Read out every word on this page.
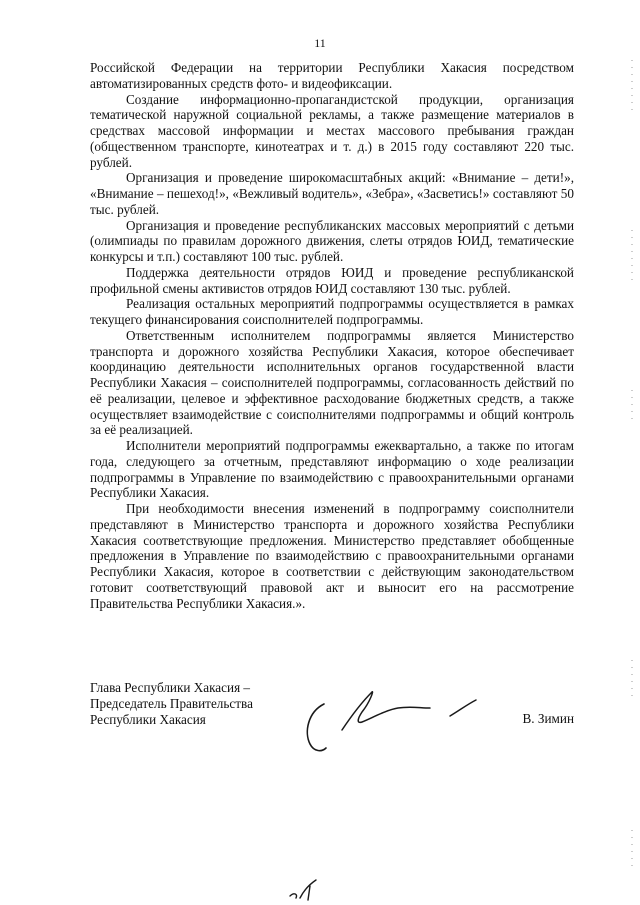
11

Российской Федерации на территории Республики Хакасия посредством автоматизированных средств фото- и видеофиксации.

Создание информационно-пропагандистской продукции, организация тематической наружной социальной рекламы, а также размещение материалов в средствах массовой информации и местах массового пребывания граждан (общественном транспорте, кинотеатрах и т. д.) в 2015 году составляют 220 тыс. рублей.

Организация и проведение широкомасштабных акций: «Внимание – дети!», «Внимание – пешеход!», «Вежливый водитель», «Зебра», «Засветись!» составляют 50 тыс. рублей.

Организация и проведение республиканских массовых мероприятий с детьми (олимпиады по правилам дорожного движения, слеты отрядов ЮИД, тематические конкурсы и т.п.) составляют 100 тыс. рублей.

Поддержка деятельности отрядов ЮИД и проведение республиканской профильной смены активистов отрядов ЮИД составляют 130 тыс. рублей.

Реализация остальных мероприятий подпрограммы осуществляется в рамках текущего финансирования соисполнителей подпрограммы.

Ответственным исполнителем подпрограммы является Министерство транспорта и дорожного хозяйства Республики Хакасия, которое обеспечивает координацию деятельности исполнительных органов государственной власти Республики Хакасия – соисполнителей подпрограммы, согласованность действий по её реализации, целевое и эффективное расходование бюджетных средств, а также осуществляет взаимодействие с соисполнителями подпрограммы и общий контроль за её реализацией.

Исполнители мероприятий подпрограммы ежеквартально, а также по итогам года, следующего за отчетным, представляют информацию о ходе реализации подпрограммы в Управление по взаимодействию с правоохранительными органами Республики Хакасия.

При необходимости внесения изменений в подпрограмму соисполнители представляют в Министерство транспорта и дорожного хозяйства Республики Хакасия соответствующие предложения. Министерство представляет обобщенные предложения в Управление по взаимодействию с правоохранительными органами Республики Хакасия, которое в соответствии с действующим законодательством готовит соответствующий правовой акт и выносит его на рассмотрение Правительства Республики Хакасия.».

Глава Республики Хакасия –
Председатель Правительства
Республики Хакасия	В. Зимин
